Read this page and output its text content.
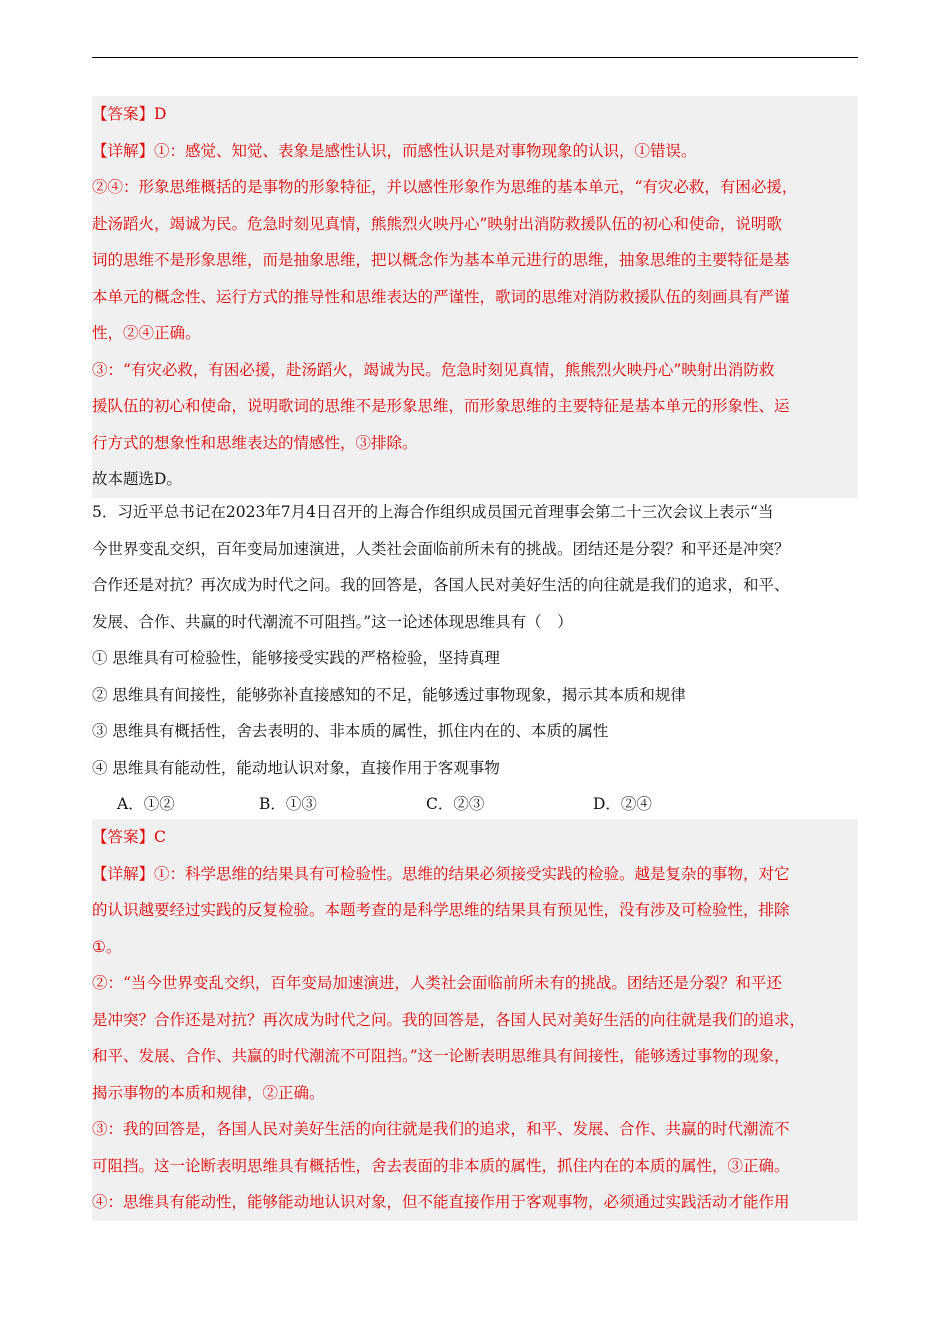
【答案】D
【详解】①：感觉、知觉、表象是感性认识，而感性认识是对事物现象的认识，①错误。
②④：形象思维概括的是事物的形象特征，并以感性形象作为思维的基本单元，“有灾必救，有困必援，
赴汤蹈火，竭诚为民。危急时刻见真情，熊熊烈火映丹心”映射出消防救援队伍的初心和使命，说明歌
词的思维不是形象思维，而是抽象思维，把以概念作为基本单元进行的思维，抽象思维的主要特征是基
本单元的概念性、运行方式的推导性和思维表达的严谨性，歌词的思维对消防救援队伍的刻画具有严谨
性，②④正确。
③：“有灾必救，有困必援，赴汤蹈火，竭诚为民。危急时刻见真情，熊熊烈火映丹心”映射出消防救
援队伍的初心和使命，说明歌词的思维不是形象思维，而形象思维的主要特征是基本单元的形象性、运
行方式的想象性和思维表达的情感性，③排除。
故本题选D。
5．习近平总书记在2023年7月4日召开的上海合作组织成员国元首理事会第二十三次会议上表示“当
今世界变乱交织，百年变局加速演进，人类社会面临前所未有的挑战。团结还是分裂？和平还是冲突？
合作还是对抗？再次成为时代之问。我的回答是，各国人民对美好生活的向往就是我们的追求，和平、
发展、合作、共赢的时代潮流不可阻挡。”这一论述体现思维具有（　）
① 思维具有可检验性，能够接受实践的严格检验，坚持真理
② 思维具有间接性，能够弥补直接感知的不足，能够透过事物现象，揭示其本质和规律
③ 思维具有概括性，舍去表明的、非本质的属性，抓住内在的、本质的属性
④ 思维具有能动性，能动地认识对象，直接作用于客观事物
A．①②	B．①③	C．②③	D．②④
【答案】C
【详解】①：科学思维的结果具有可检验性。思维的结果必须接受实践的检验。越是复杂的事物，对它
的认识越要经过实践的反复检验。本题考查的是科学思维的结果具有预见性，没有涉及可检验性，排除
①。
②：“当今世界变乱交织，百年变局加速演进，人类社会面临前所未有的挑战。团结还是分裂？和平还
是冲突？合作还是对抗？再次成为时代之问。我的回答是，各国人民对美好生活的向往就是我们的追求，
和平、发展、合作、共赢的时代潮流不可阻挡。”这一论断表明思维具有间接性，能够透过事物的现象，
揭示事物的本质和规律，②正确。
③：我的回答是，各国人民对美好生活的向往就是我们的追求，和平、发展、合作、共赢的时代潮流不
可阻挡。这一论断表明思维具有概括性，舍去表面的非本质的属性，抓住内在的本质的属性，③正确。
④：思维具有能动性，能够能动地认识对象，但不能直接作用于客观事物，必须通过实践活动才能作用
